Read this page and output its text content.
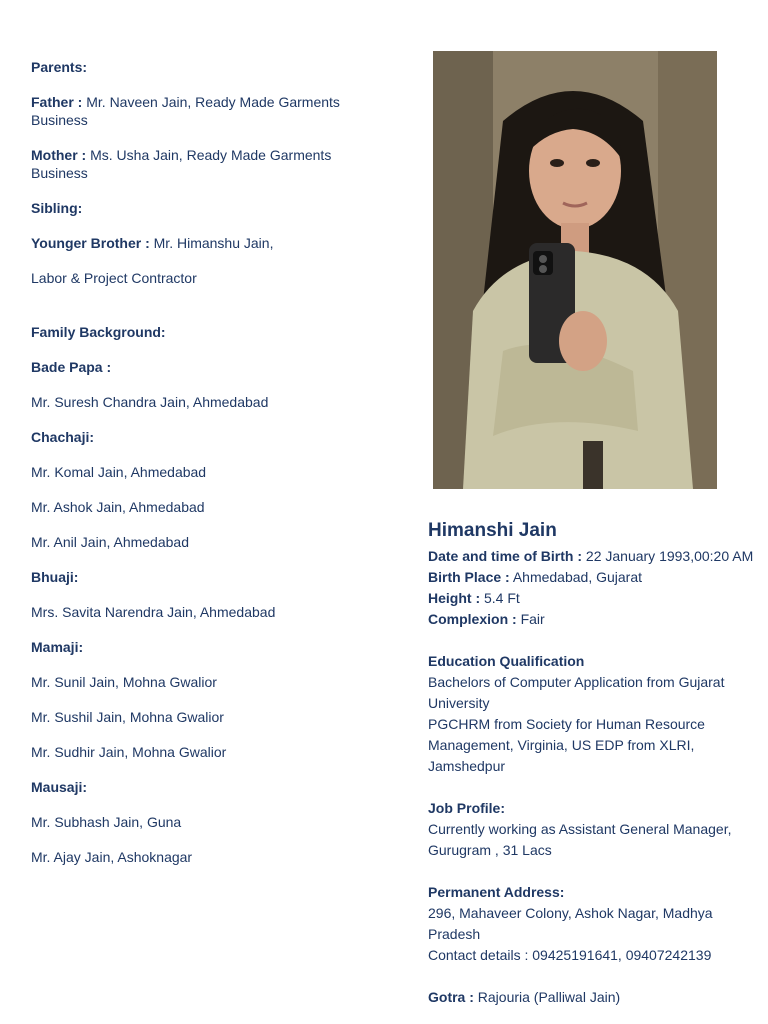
Parents:
Father : Mr. Naveen Jain, Ready Made Garments Business
Mother : Ms. Usha Jain, Ready Made Garments Business
Sibling:
Younger Brother : Mr. Himanshu Jain,
Labor & Project Contractor
Family Background:
Bade Papa :
Mr. Suresh Chandra Jain, Ahmedabad
Chachaji:
Mr. Komal Jain, Ahmedabad
Mr. Ashok Jain, Ahmedabad
Mr. Anil Jain, Ahmedabad
Bhuaji:
Mrs. Savita Narendra Jain, Ahmedabad
Mamaji:
Mr. Sunil Jain, Mohna Gwalior
Mr. Sushil Jain, Mohna Gwalior
Mr. Sudhir Jain, Mohna Gwalior
Mausaji:
Mr. Subhash Jain, Guna
Mr. Ajay Jain, Ashoknagar
Himanshi Jain
Date and time of Birth : 22 January 1993,00:20 AM
Birth Place : Ahmedabad, Gujarat
Height : 5.4 Ft
Complexion : Fair
Education Qualification
Bachelors of Computer Application from Gujarat University
PGCHRM from Society for Human Resource Management, Virginia, US EDP from XLRI, Jamshedpur
Job Profile:
Currently working as Assistant General Manager, Gurugram , 31 Lacs
Permanent Address:
296, Mahaveer Colony, Ashok Nagar, Madhya Pradesh
Contact details : 09425191641, 09407242139
Gotra : Rajouria (Palliwal Jain)
